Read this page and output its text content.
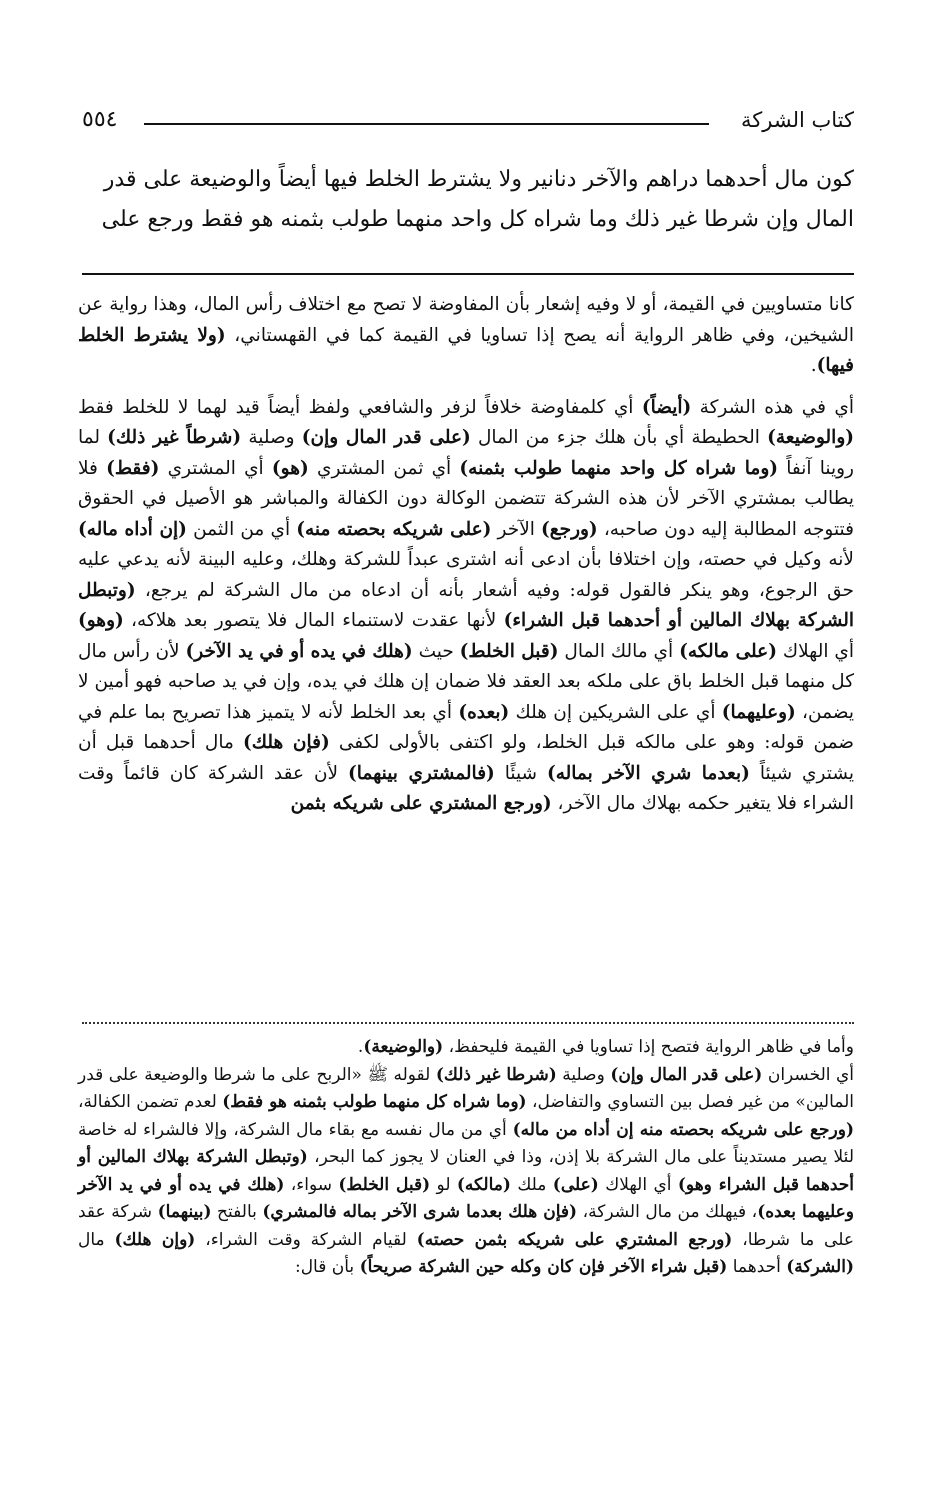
٥٥٤	كتاب الشركة

كون مال أحدهما دراهم والآخر دنانير ولا يشترط الخلط فيها أيضاً والوضيعة على قدر

المال وإن شرطا غير ذلك وما شراه كل واحد منهما طولب بثمنه هو فقط ورجع على

كانا متساويين في القيمة، أو لا وفيه إشعار بأن المفاوضة لا تصح مع اختلاف رأس المال، وهذا رواية عن الشيخين، وفي ظاهر الرواية أنه يصح إذا تساويا في القيمة كما في القهستاني، (ولا يشترط الخلط فيها).

أي في هذه الشركة (أيضاً) أي كلمفاوضة خلافاً لزفر والشافعي ولفظ أيضاً قيد لهما لا للخلط فقط (والوضيعة) الحطيطة أي بأن هلك جزء من المال (على قدر المال وإن) وصلية (شرطاً غير ذلك) لما روينا آنفاً (وما شراه كل واحد منهما طولب بثمنه) أي ثمن المشتري (هو) أي المشتري (فقط) فلا يطالب بمشتري الآخر لأن هذه الشركة تتضمن الوكالة دون الكفالة والمباشر هو الأصيل في الحقوق فتتوجه المطالبة إليه دون صاحبه، (ورجع) الآخر (على شريكه بحصته منه) أي من الثمن (إن أداه ماله) لأنه وكيل في حصته، وإن اختلافا بأن ادعى أنه اشترى عبداً للشركة وهلك، وعليه البينة لأنه يدعي عليه حق الرجوع، وهو ينكر فالقول قوله: وفيه أشعار بأنه أن ادعاه من مال الشركة لم يرجع، (وتبطل الشركة بهلاك المالين أو أحدهما قبل الشراء) لأنها عقدت لاستنماء المال فلا يتصور بعد هلاكه، (وهو) أي الهلاك (على مالكه) أي مالك المال (قبل الخلط) حيث (هلك في يده أو في يد الآخر) لأن رأس مال كل منهما قبل الخلط باق على ملكه بعد العقد فلا ضمان إن هلك في يده، وإن في يد صاحبه فهو أمين لا يضمن، (وعليهما) أي على الشريكين إن هلك (بعده) أي بعد الخلط لأنه لا يتميز هذا تصريح بما علم في ضمن قوله: وهو على مالكه قبل الخلط، ولو اكتفى بالأولى لكفى (فإن هلك) مال أحدهما قبل أن يشتري شيئاً (بعدما شري الآخر بماله) شيئًا (فالمشتري بينهما) لأن عقد الشركة كان قائماً وقت الشراء فلا يتغير حكمه بهلاك مال الآخر، (ورجع المشتري على شريكه بثمن

وأما في ظاهر الرواية فتصح إذا تساويا في القيمة فليحفظ، (والوضيعة).

أي الخسران (على قدر المال وإن) وصلية (شرطا غير ذلك) لقوله ﷺ «الربح على ما شرطا والوضيعة على قدر المالين» من غير فصل بين التساوي والتفاضل، (وما شراه كل منهما طولب بثمنه هو فقط) لعدم تضمن الكفالة، (ورجع على شريكه بحصته منه إن أداه من ماله) أي من مال نفسه مع بقاء مال الشركة، وإلا فالشراء له خاصة لئلا يصير مستديناً على مال الشركة بلا إذن، وذا في العنان لا يجوز كما البحر، (وتبطل الشركة بهلاك المالين أو أحدهما قبل الشراء وهو) أي الهلاك (على) ملك (مالكه) لو (قبل الخلط) سواء، (هلك في يده أو في يد الآخر وعليهما بعده)، فيهلك من مال الشركة، (فإن هلك بعدما شرى الآخر بماله فالمشري) بالفتح (بينهما) شركة عقد على ما شرطا، (ورجع المشتري على شريكه بثمن حصته) لقيام الشركة وقت الشراء، (وإن هلك) مال (الشركة) أحدهما (قبل شراء الآخر فإن كان وكله حين الشركة صريحاً) بأن قال:
